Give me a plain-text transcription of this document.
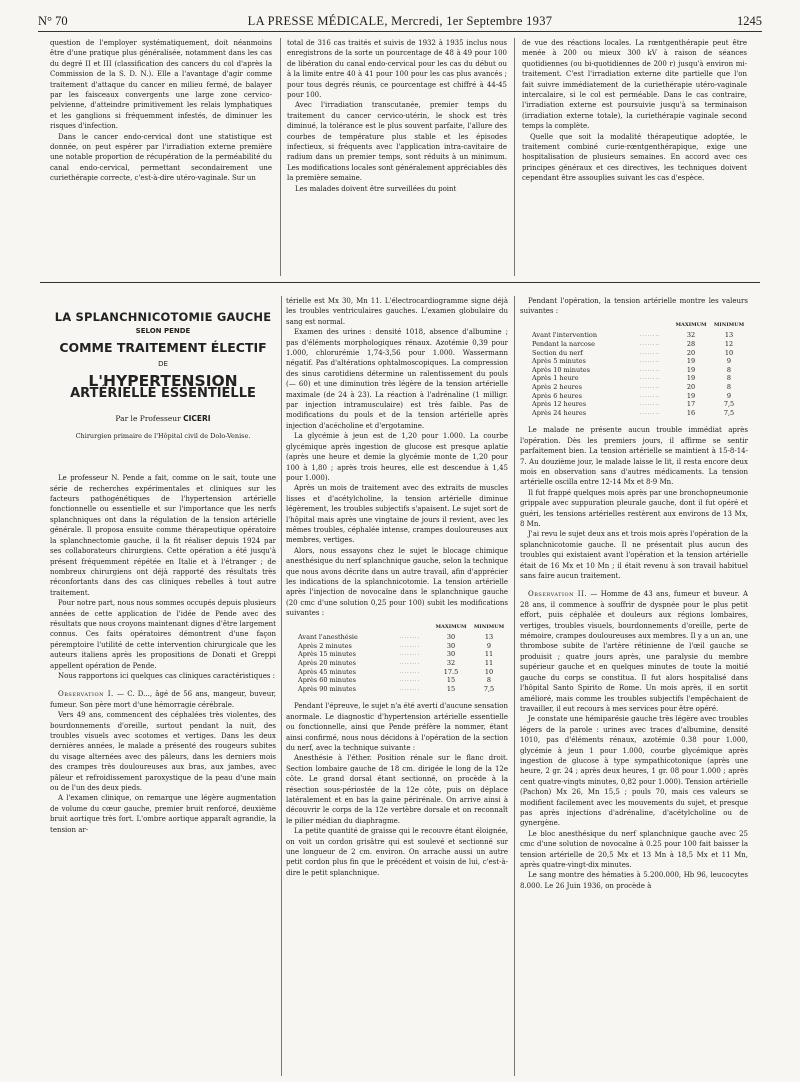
N° 70	LA PRESSE MÉDICALE, Mercredi, 1er Septembre 1937	1245

question de l'employer systématiquement, doit néanmoins être d'une pratique plus généralisée, notamment dans les cas du degré II et III (classification des cancers du col d'après la Commission de la S. D. N.). Elle a l'avantage d'agir comme traitement d'attaque du cancer en milieu fermé, de balayer par les faisceaux convergents une large zone cervico-pelvienne, d'atteindre primitivement les relais lymphatiques et les ganglions si fréquemment infestés, de diminuer les risques d'infection.

Dans le cancer endo-cervical dont une statistique est donnée, on peut espérer par l'irradiation externe première une notable proportion de récupération de la perméabilité du canal endo-cervical, permettant secondairement une curiethérapie correcte, c'est-à-dire utéro-vaginale. Sur un

total de 316 cas traités et suivis de 1932 à 1935 inclus nous enregistrons de la sorte un pourcentage de 48 à 49 pour 100 de libération du canal endo-cervical pour les cas du début ou à la limite entre 40 à 41 pour 100 pour les cas plus avancés ; pour tous degrés réunis, ce pourcentage est chiffré à 44-45 pour 100.

Avec l'irradiation transcutanée, premier temps du traitement du cancer cervico-utérin, le shock est très diminué, la tolérance est le plus souvent parfaite, l'allure des courbes de température plus stable et les épisodes infectieux, si fréquents avec l'application intra-cavitaire de radium dans un premier temps, sont réduits à un minimum. Les modifications locales sont généralement appréciables dès la première semaine.

Les malades doivent être surveillées du point

de vue des réactions locales. La rœntgenthérapie peut être menée à 200 ou mieux 300 kV à raison de séances quotidiennes (ou bi-quotidiennes de 200 r) jusqu'à environ mi-traitement. C'est l'irradiation externe dite partielle que l'on fait suivre immédiatement de la curiethérapie utéro-vaginale intercalaire, si le col est perméable. Dans le cas contraire, l'irradiation externe est poursuivie jusqu'à sa terminaison (irradiation externe totale), la curiethérapie vaginale second temps la complète.

Quelle que soit la modalité thérapeutique adoptée, le traitement combiné curie-rœntgenthérapique, exige une hospitalisation de plusieurs semaines. En accord avec ces principes généraux et ces directives, les techniques doivent cependant être assouplies suivant les cas d'espèce.

LA SPLANCHNICOTOMIE GAUCHE
SELON PENDE
COMME TRAITEMENT ÉLECTIF
DE
L'HYPERTENSION
ARTÉRIELLE ESSENTIELLE
Par le Professeur CICERI
Chirurgien primaire de l'Hôpital civil de Dolo-Venise.

Le professeur N. Pende a fait, comme on le sait, toute une série de recherches expérimentales et cliniques sur les facteurs pathogénétiques de l'hypertension artérielle fonctionnelle ou essentielle et sur l'importance que les nerfs splanchniques ont dans la régulation de la tension artérielle générale. Il proposa ensuite comme thérapeutique opératoire la splanchnectomie gauche, il la fit réaliser depuis 1924 par ses collaborateurs chirurgiens. Cette opération a été jusqu'à présent fréquemment répétée en Italie et à l'étranger ; de nombreux chirurgiens ont déjà rapporté des résultats très réconfortants dans des cas cliniques rebelles à tout autre traitement.

Pour notre part, nous nous sommes occupés depuis plusieurs années de cette application de l'idée de Pende avec des résultats que nous croyons maintenant dignes d'être largement connus. Ces faits opératoires démontrent d'une façon péremptoire l'utilité de cette intervention chirurgicale que les auteurs italiens après les propositions de Donati et Greppi appellent opération de Pende.

Nous rapportons ici quelques cas cliniques caractéristiques :

Observation I. — C. D..., âgé de 56 ans, mangeur, buveur, fumeur. Son père mort d'une hémorragie cérébrale.

Vers 49 ans, commencent des céphalées très violentes, des bourdonnements d'oreille, surtout pendant la nuit, des troubles visuels avec scotomes et vertiges. Dans les deux dernières années, le malade a présenté des rougeurs subites du visage alternées avec des pâleurs, dans les derniers mois des crampes très douloureuses aux bras, aux jambes, avec pâleur et refroidissement paroxystique de la peau d'une main ou de l'un des deux pieds.

A l'examen clinique, on remarque une légère augmentation de volume du cœur gauche, premier bruit renforcé, deuxième bruit aortique très fort. L'ombre aortique apparaît agrandie, la tension ar-

térielle est Mx 30, Mn 11. L'électrocardiogramme signe déjà les troubles ventriculaires gauches. L'examen globulaire du sang est normal.

Examen des urines : densité 1018, absence d'albumine ; pas d'éléments morphologiques rénaux. Azotémie 0,39 pour 1.000, chlorurémie 1,74-3,56 pour 1.000. Wassermann négatif. Pas d'altérations ophtalmoscopiques. La compression des sinus carotidiens détermine un ralentissement du pouls (— 60) et une diminution très légère de la tension artérielle maximale (de 24 à 23). La réaction à l'adrénaline (1 milligr. par injection intramusculaire) est très faible. Pas de modifications du pouls et de la tension artérielle après injection d'acécholine et d'ergotamine.

La glycémie à jeun est de 1,20 pour 1.000. La courbe glycémique après ingestion de glucose est presque aplatie (après une heure et demie la glycémie monte de 1,20 pour 100 à 1,80 ; après trois heures, elle est descendue à 1,45 pour 1.000).

Après un mois de traitement avec des extraits de muscles lisses et d'acétylcholine, la tension artérielle diminue légèrement, les troubles subjectifs s'apaisent. Le sujet sort de l'hôpital mais après une vingtaine de jours il revient, avec les mêmes troubles, céphalée intense, crampes douloureuses aux membres, vertiges.

Alors, nous essayons chez le sujet le blocage chimique anesthésique du nerf splanchnique gauche, selon la technique que nous avons décrite dans un autre travail, afin d'apprécier les indications de la splanchnicotomie. La tension artérielle après l'injection de novocaïne dans le splanchnique gauche (20 cmc d'une solution 0,25 pour 100) subit les modifications suivantes :

		MAXIMUM	MINIMUM
Avant l'anesthésie	........	30	13
Après 2 minutes	........	30	9
Après 15 minutes	........	30	11
Après 20 minutes	........	32	11
Après 45 minutes	........	17.5	10
Après 60 minutes	........	15	8
Après 90 minutes	........	15	7,5

Pendant l'épreuve, le sujet n'a été averti d'aucune sensation anormale. Le diagnostic d'hypertension artérielle essentielle ou fonctionnelle, ainsi que Pende préfère la nommer, étant ainsi confirmé, nous nous décidons à l'opération de la section du nerf, avec la technique suivante :

Anesthésie à l'éther. Position rénale sur le flanc droit. Section lombaire gauche de 18 cm. dirigée le long de la 12e côte. Le grand dorsal étant sectionné, on procède à la résection sous-périostée de la 12e côte, puis on déplace latéralement et en bas la gaine périrénale. On arrive ainsi à découvrir le corps de la 12e vertèbre dorsale et on reconnaît le pilier médian du diaphragme.

La petite quantité de graisse qui le recouvre étant éloignée, on voit un cordon grisâtre qui est soulevé et sectionné sur une longueur de 2 cm. environ. On arrache aussi un autre petit cordon plus fin que le précédent et voisin de lui, c'est-à-dire le petit splanchnique.

Pendant l'opération, la tension artérielle montre les valeurs suivantes :

		MAXIMUM	MINIMUM
Avant l'intervention	........	32	13
Pendant la narcose	........	28	12
Section du nerf	........	20	10
Après 5 minutes	........	19	9
Après 10 minutes	........	19	8
Après 1 heure	........	19	8
Après 2 heures	........	20	8
Après 6 heures	........	19	9
Après 12 heures	........	17	7,5
Après 24 heures	........	16	7,5

Le malade ne présente aucun trouble immédiat après l'opération. Dès les premiers jours, il affirme se sentir parfaitement bien. La tension artérielle se maintient à 15-8-14-7. Au douzième jour, le malade laisse le lit, il resta encore deux mois en observation sans d'autres médicaments. La tension artérielle oscilla entre 12-14 Mx et 8-9 Mn.

Il fut frappé quelques mois après par une bronchopneumonie grippale avec suppuration pleurale gauche, dont il fut opéré et guéri, les tensions artérielles restèrent aux environs de 13 Mx, 8 Mn.

J'ai revu le sujet deux ans et trois mois après l'opération de la splanchnicotomie gauche. Il ne présentait plus aucun des troubles qui existaient avant l'opération et la tension artérielle était de 16 Mx et 10 Mn ; il était revenu à son travail habituel sans faire aucun traitement.

Observation II. — Homme de 43 ans, fumeur et buveur. A 28 ans, il commence à souffrir de dyspnée pour le plus petit effort, puis céphalée et douleurs aux régions lombaires, vertiges, troubles visuels, bourdonnements d'oreille, perte de mémoire, crampes douloureuses aux membres. Il y a un an, une thrombose subite de l'artère rétinienne de l'œil gauche se produisit ; quatre jours après, une paralysie du membre supérieur gauche et en quelques minutes de toute la moitié gauche du corps se constitua. Il fut alors hospitalisé dans l'hôpital Santo Spirito de Rome. Un mois après, il en sortit amélioré, mais comme les troubles subjectifs l'empêchaient de travailler, il eut recours à mes services pour être opéré.

Je constate une hémiparésie gauche très légère avec troubles légers de la parole : urines avec traces d'albumine, densité 1010, pas d'éléments rénaux, azotémie 0.38 pour 1.000, glycémie à jeun 1 pour 1.000, courbe glycémique après ingestion de glucose à type sympathicotonique (après une heure, 2 gr. 24 ; après deux heures, 1 gr. 08 pour 1.000 ; après cent quatre-vingts minutes, 0,82 pour 1.000). Tension artérielle (Pachon) Mx 26, Mn 15,5 ; pouls 70, mais ces valeurs se modifient facilement avec les mouvements du sujet, et presque pas après injections d'adrénaline, d'acétylcholine ou de gynergène.

Le bloc anesthésique du nerf splanchnique gauche avec 25 cmc d'une solution de novocaïne à 0.25 pour 100 fait baisser la tension artérielle de 20,5 Mx et 13 Mn à 18,5 Mx et 11 Mn, après quatre-vingt-dix minutes.

Le sang montre des hématies à 5.200.000, Hb 96, leucocytes 8.000. Le 26 Juin 1936, on procède à
